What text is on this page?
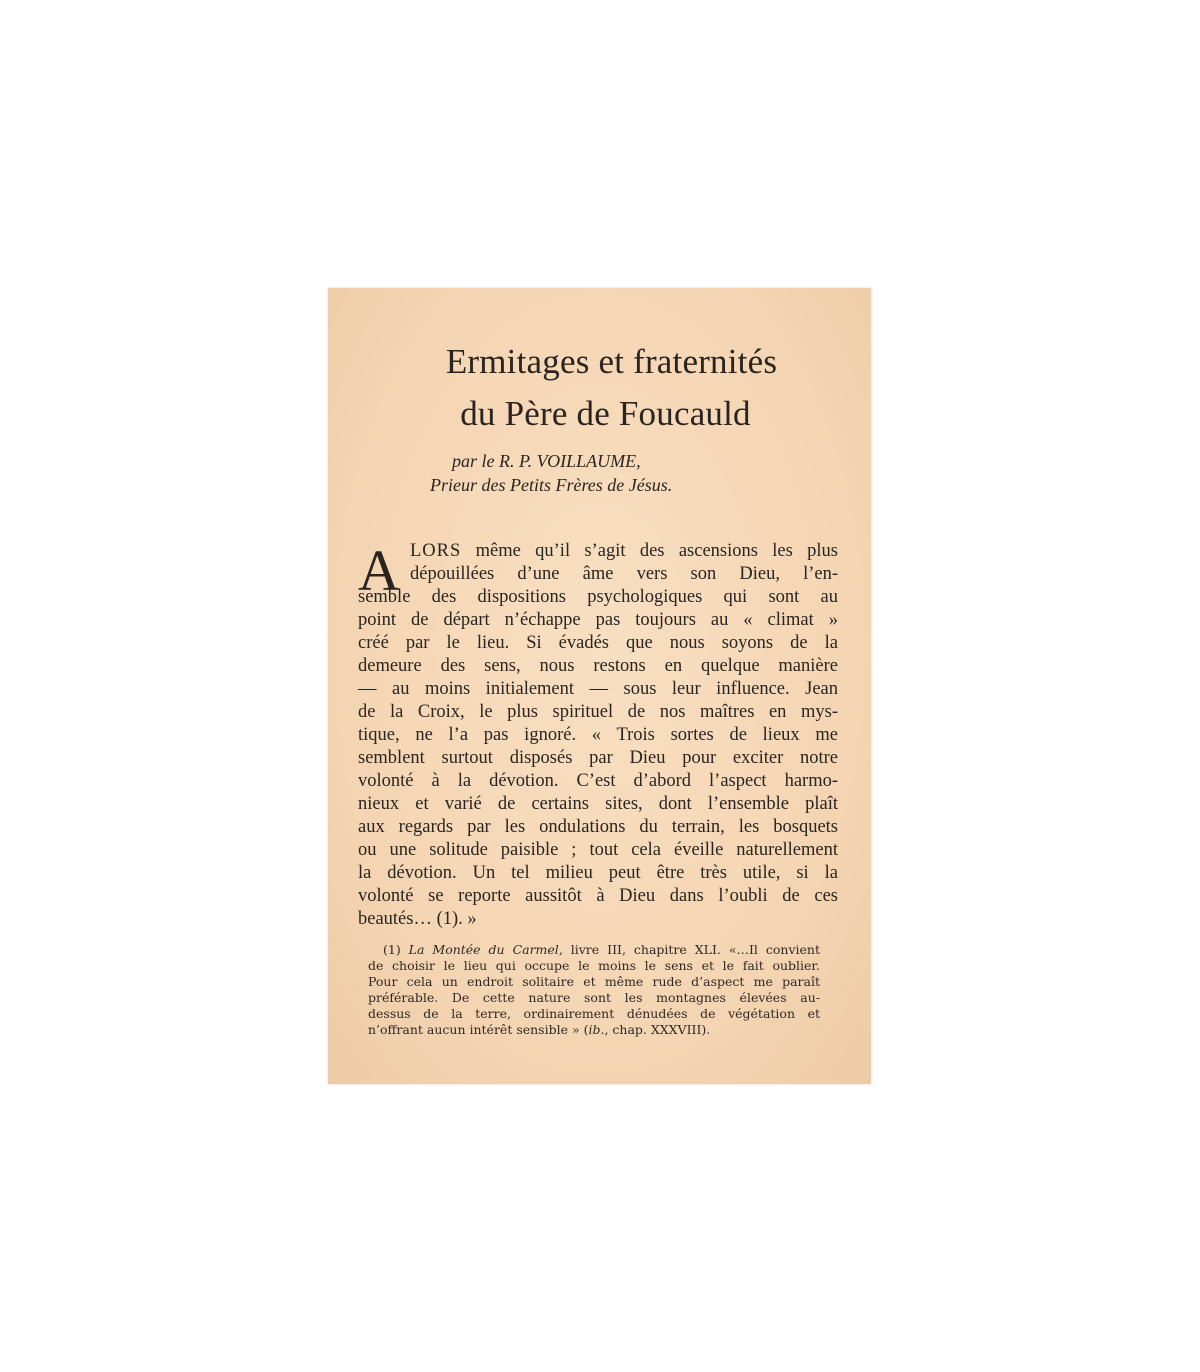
Ermitages et fraternités
du Père de Foucauld
par le R. P. VOILLAUME,
Prieur des Petits Frères de Jésus.
A LORS même qu’il s’agit des ascensions les plus
dépouillées d’une âme vers son Dieu, l’en-
semble des dispositions psychologiques qui sont au
point de départ n’échappe pas toujours au « climat »
créé par le lieu. Si évadés que nous soyons de la
demeure des sens, nous restons en quelque manière
— au moins initialement — sous leur influence. Jean
de la Croix, le plus spirituel de nos maîtres en mys-
tique, ne l’a pas ignoré. « Trois sortes de lieux me
semblent surtout disposés par Dieu pour exciter notre
volonté à la dévotion. C’est d’abord l’aspect harmo-
nieux et varié de certains sites, dont l’ensemble plaît
aux regards par les ondulations du terrain, les bosquets
ou une solitude paisible ; tout cela éveille naturellement
la dévotion. Un tel milieu peut être très utile, si la
volonté se reporte aussitôt à Dieu dans l’oubli de ces
beautés… (1). »
(1) La Montée du Carmel, livre III, chapitre XLI. «…Il convient
de choisir le lieu qui occupe le moins le sens et le fait oublier.
Pour cela un endroit solitaire et même rude d’aspect me paraît
préférable. De cette nature sont les montagnes élevées au-
dessus de la terre, ordinairement dénudées de végétation et
n’offrant aucun intérêt sensible » (ib., chap. XXXVIII).
